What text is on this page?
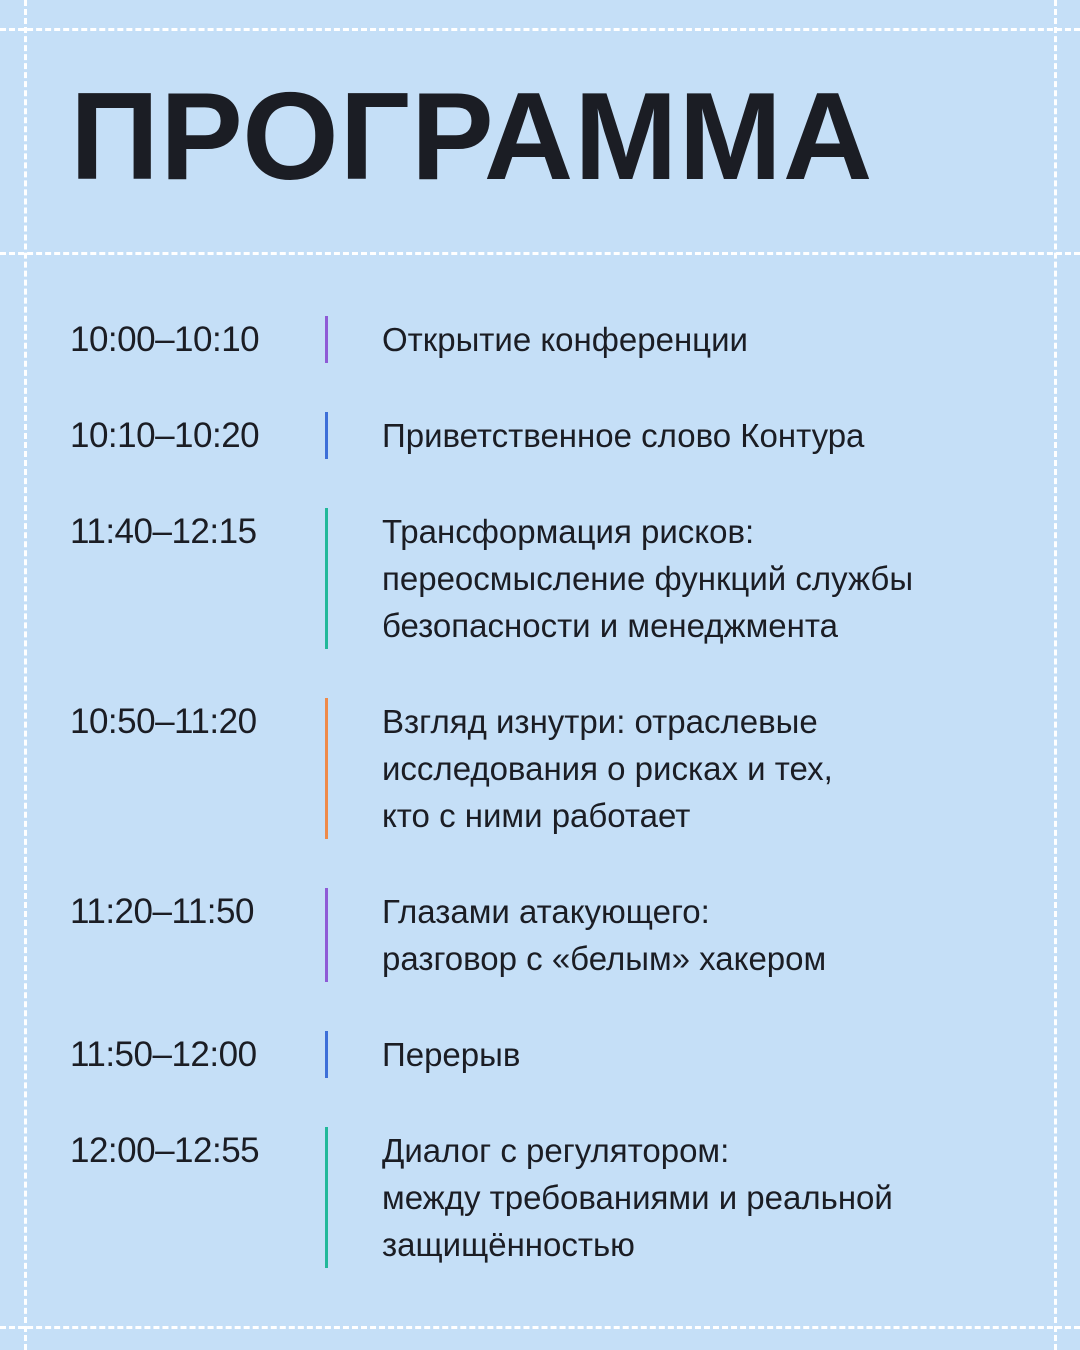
ПРОГРАММА
10:00–10:10	Открытие конференции
10:10–10:20	Приветственное слово Контура
11:40–12:15	Трансформация рисков:
переосмысление функций службы
безопасности и менеджмента
10:50–11:20	Взгляд изнутри: отраслевые
исследования о рисках и тех,
кто с ними работает
11:20–11:50	Глазами атакующего:
разговор с «белым» хакером
11:50–12:00	Перерыв
12:00–12:55	Диалог с регулятором:
между требованиями и реальной
защищённостью
